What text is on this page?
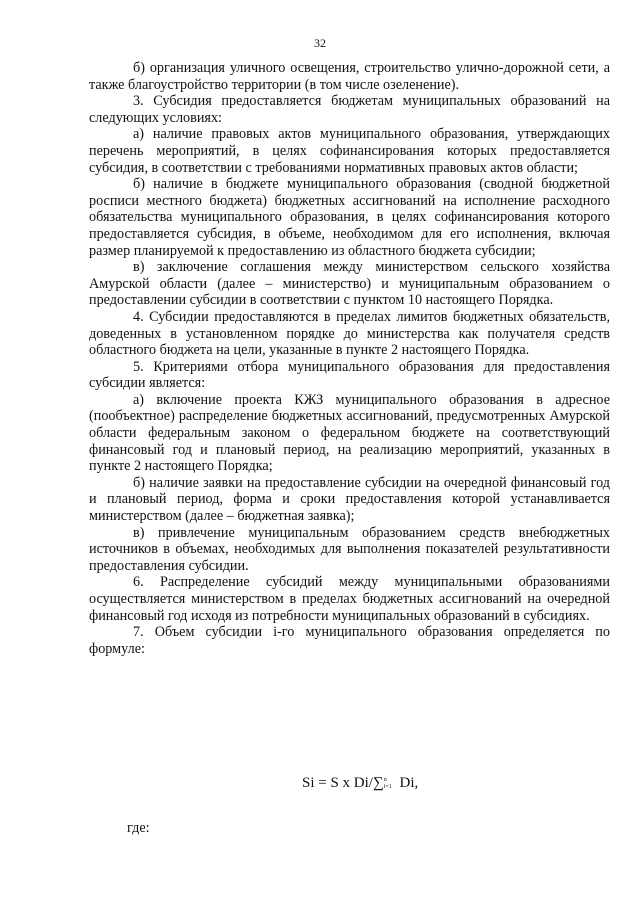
32

б) организация уличного освещения, строительство улично-дорожной сети, а также благоустройство территории (в том числе озеленение).

3. Субсидия предоставляется бюджетам муниципальных образований на следующих условиях:

а) наличие правовых актов муниципального образования, утверждающих перечень мероприятий, в целях софинансирования которых предоставляется субсидия, в соответствии с требованиями нормативных правовых актов области;

б) наличие в бюджете муниципального образования (сводной бюджетной росписи местного бюджета) бюджетных ассигнований на исполнение расходного обязательства муниципального образования, в целях софинансирования которого предоставляется субсидия, в объеме, необходимом для его исполнения, включая размер планируемой к предоставлению из областного бюджета субсидии;

в) заключение соглашения между министерством сельского хозяйства Амурской области (далее – министерство) и муниципальным образованием о предоставлении субсидии в соответствии с пунктом 10 настоящего Порядка.

4. Субсидии предоставляются в пределах лимитов бюджетных обязательств, доведенных в установленном порядке до министерства как получателя средств областного бюджета на цели, указанные в пункте 2 настоящего Порядка.

5. Критериями отбора муниципального образования для предоставления субсидии является:

а) включение проекта КЖЗ муниципального образования в адресное (пообъектное) распределение бюджетных ассигнований, предусмотренных Амурской области федеральным законом о федеральном бюджете на соответствующий финансовый год и плановый период, на реализацию мероприятий, указанных в пункте 2 настоящего Порядка;

б) наличие заявки на предоставление субсидии на очередной финансовый год и плановый период, форма и сроки предоставления которой устанавливается министерством (далее – бюджетная заявка);

в) привлечение муниципальным образованием средств внебюджетных источников в объемах, необходимых для выполнения показателей результативности предоставления субсидии.

6. Распределение субсидий между муниципальными образованиями осуществляется министерством в пределах бюджетных ассигнований на очередной финансовый год исходя из потребности муниципальных образований в субсидиях.

7. Объем субсидии i-го муниципального образования определяется по формуле:

Si = S x Di/∑n
i=1 Di,
где:
